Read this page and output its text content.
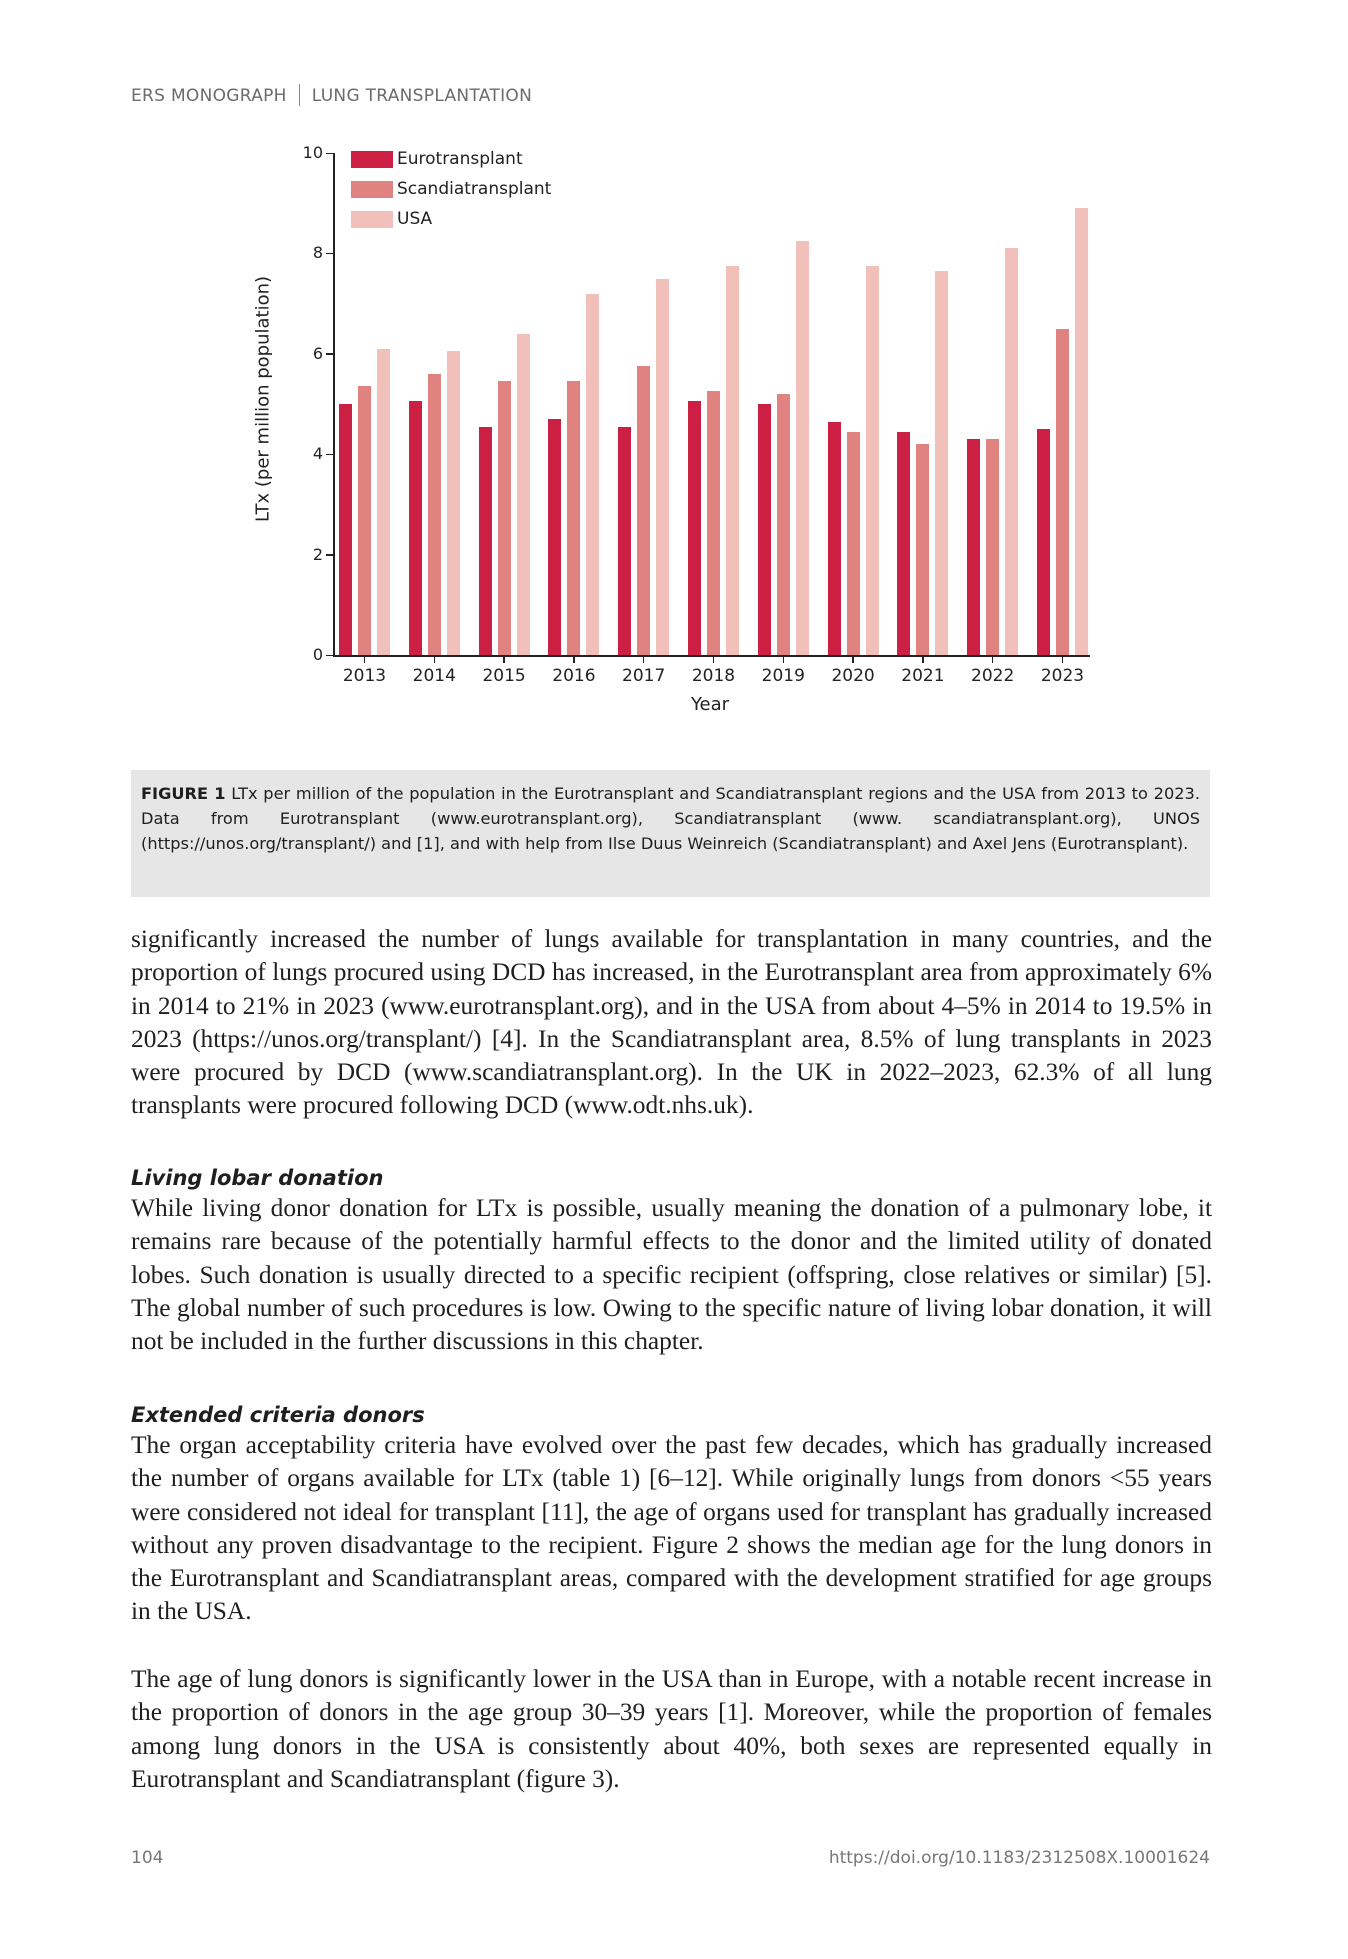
ERS MONOGRAPH LUNG TRANSPLANTATION
LTx (per million population)
Year
0
2
4
6
8
10
2013	2014	2015	2016	2017	2018	2019	2020	2021	2022	2023
Eurotransplant
Scandiatransplant
USA
FIGURE 1 LTx per million of the population in the Eurotransplant and Scandiatransplant regions and the USA from 2013 to 2023. Data from Eurotransplant (www.eurotransplant.org), Scandiatransplant (www. scandiatransplant.org), UNOS (https://unos.org/transplant/) and [1], and with help from Ilse Duus Weinreich (Scandiatransplant) and Axel Jens (Eurotransplant).

significantly increased the number of lungs available for transplantation in many countries, and the proportion of lungs procured using DCD has increased, in the Eurotransplant area from approximately 6% in 2014 to 21% in 2023 (www.eurotransplant.org), and in the USA from about 4–5% in 2014 to 19.5% in 2023 (https://unos.org/transplant/) [4]. In the Scandiatransplant area, 8.5% of lung transplants in 2023 were procured by DCD (www.scandiatransplant.org). In the UK in 2022–2023, 62.3% of all lung transplants were procured following DCD (www.odt.nhs.uk).

Living lobar donation

While living donor donation for LTx is possible, usually meaning the donation of a pulmonary lobe, it remains rare because of the potentially harmful effects to the donor and the limited utility of donated lobes. Such donation is usually directed to a specific recipient (offspring, close relatives or similar) [5]. The global number of such procedures is low. Owing to the specific nature of living lobar donation, it will not be included in the further discussions in this chapter.

Extended criteria donors

The organ acceptability criteria have evolved over the past few decades, which has gradually increased the number of organs available for LTx (table 1) [6–12]. While originally lungs from donors <55 years were considered not ideal for transplant [11], the age of organs used for transplant has gradually increased without any proven disadvantage to the recipient. Figure 2 shows the median age for the lung donors in the Eurotransplant and Scandiatransplant areas, compared with the development stratified for age groups in the USA.

The age of lung donors is significantly lower in the USA than in Europe, with a notable recent increase in the proportion of donors in the age group 30–39 years [1]. Moreover, while the proportion of females among lung donors in the USA is consistently about 40%, both sexes are represented equally in Eurotransplant and Scandiatransplant (figure 3).

104	https://doi.org/10.1183/2312508X.10001624
